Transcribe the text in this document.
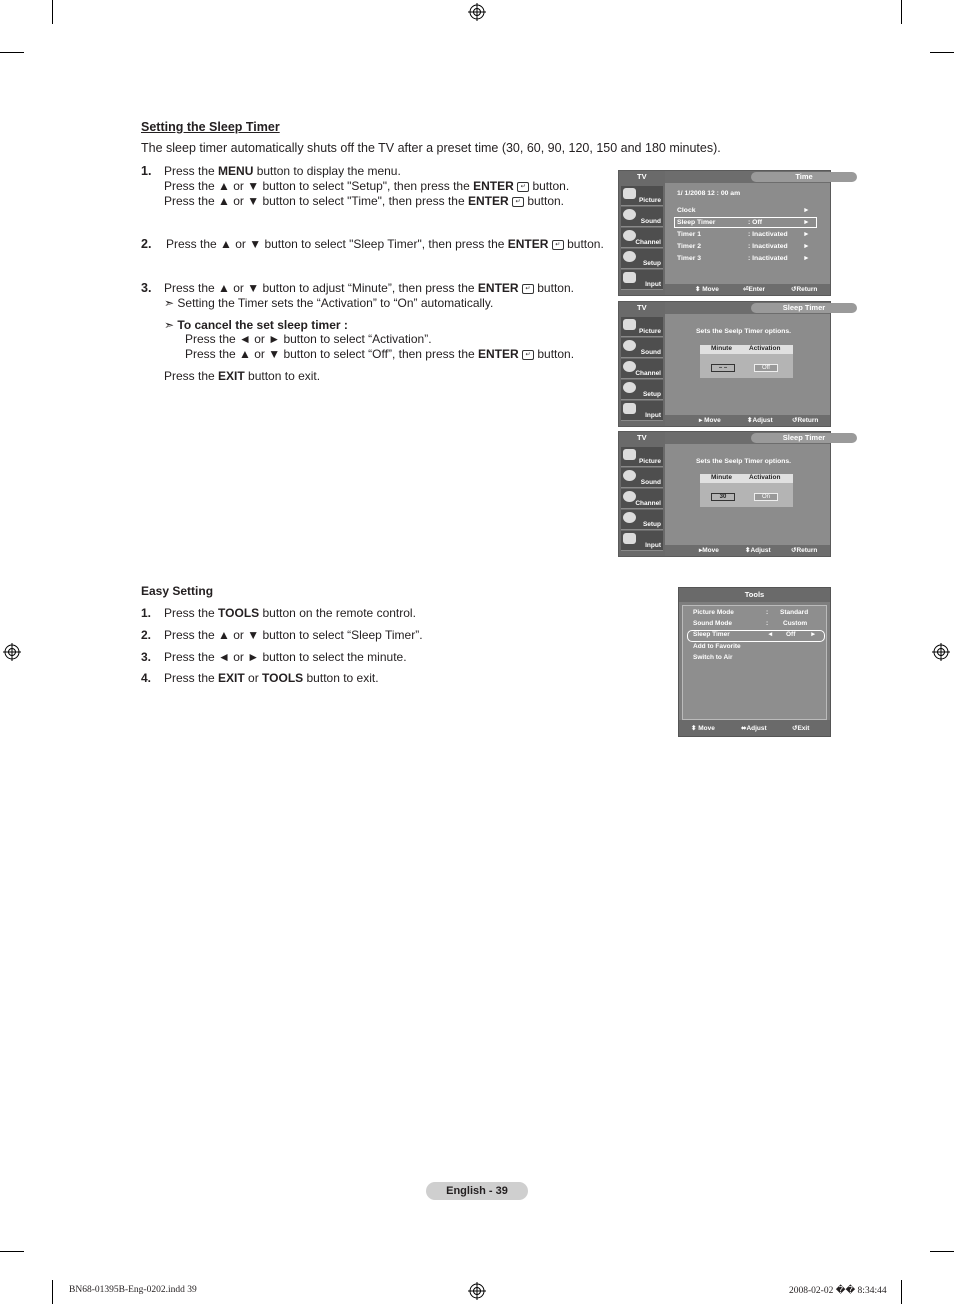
Setting the Sleep Timer
The sleep timer automatically shuts off the TV after a preset time (30, 60, 90, 120, 150 and 180 minutes).
1. Press the MENU button to display the menu.
Press the ▲ or ▼ button to select "Setup", then press the ENTER ↵ button.
Press the ▲ or ▼ button to select "Time", then press the ENTER ↵ button.
2. Press the ▲ or ▼ button to select "Sleep Timer", then press the ENTER ↵ button.
3. Press the ▲ or ▼ button to adjust “Minute”, then press the ENTER ↵ button.
➣ Setting the Timer sets the “Activation” to “On” automatically.
➣ To cancel the set sleep timer :
Press the ◄ or ► button to select “Activation”.
Press the ▲ or ▼ button to select “Off”, then press the ENTER ↵ button.
Press the EXIT button to exit.
TV
Picture
Sound
Channel
Setup
Input
Time
1/ 1/2008 12 : 00 am
Clock	►
Sleep Timer	: Off	►
Timer 1	: Inactivated ►
Timer 2	: Inactivated ►
Timer 3	: Inactivated ►
⬍ Move	⏎Enter	↺Return
TV
Picture
Sound
Channel
Setup
Input
Sleep Timer
Sets the Seelp Timer options.
Minute	Activation
– –	Off
▸ Move	⬍Adjust	↺Return
TV
Picture
Sound
Channel
Setup
Input
Sleep Timer
Sets the Seelp Timer options.
Minute	Activation
30	On
▸Move	⬍Adjust	↺Return
Easy Setting
1. Press the TOOLS button on the remote control.
2. Press the ▲ or ▼ button to select “Sleep Timer”.
3. Press the ◄ or ► button to select the minute.
4. Press the EXIT or TOOLS button to exit.
Tools
Picture Mode	: Standard
Sound Mode	: Custom
Sleep Timer	◄ Off ►
Add to Favorite
Switch to Air
⬍ Move	⬌Adjust	↺Exit
English - 39
BN68-01395B-Eng-0202.indd 39	2008-02-02 �� 8:34:44
